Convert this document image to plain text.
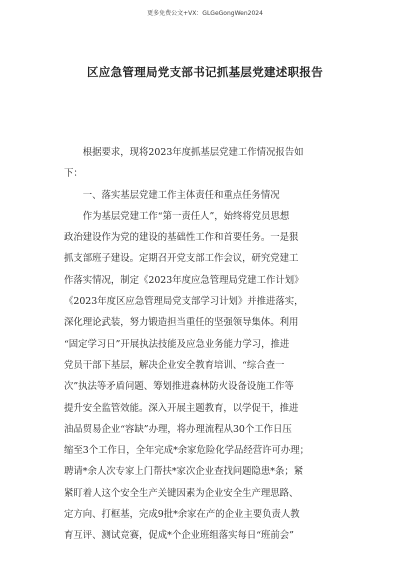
更多免费公文+VX：GLGeGongWen2024
区应急管理局党支部书记抓基层党建述职报告

根据要求，现将2023年度抓基层党建工作情况报告如

下：

一、落实基层党建工作主体责任和重点任务情况

作为基层党建工作“第一责任人”，始终将党员思想

政治建设作为党的建设的基础性工作和首要任务。一是狠

抓支部班子建设。定期召开党支部工作会议，研究党建工

作落实情况，制定《2023年度应急管理局党建工作计划》

《2023年度区应急管理局党支部学习计划》并推进落实，

深化理论武装，努力锻造担当重任的坚强领导集体。利用

“固定学习日”开展执法技能及应急业务能力学习，推进

党员干部下基层，解决企业安全教育培训、“综合查一

次”执法等矛盾问题、筹划推进森林防火设备设施工作等

提升安全监管效能。深入开展主题教育，以学促干，推进

油品贸易企业“容缺”办理，将办理流程从30个工作日压

缩至3个工作日，全年完成*余家危险化学品经营许可办理；

聘请*余人次专家上门帮扶*家次企业查找问题隐患*条；紧

紧盯着人这个安全生产关键因素为企业安全生产理思路、

定方向、打框基，完成9批*余家在产的企业主要负责人教

育互评、测试竞赛，促成*个企业班组落实每日“班前会”
